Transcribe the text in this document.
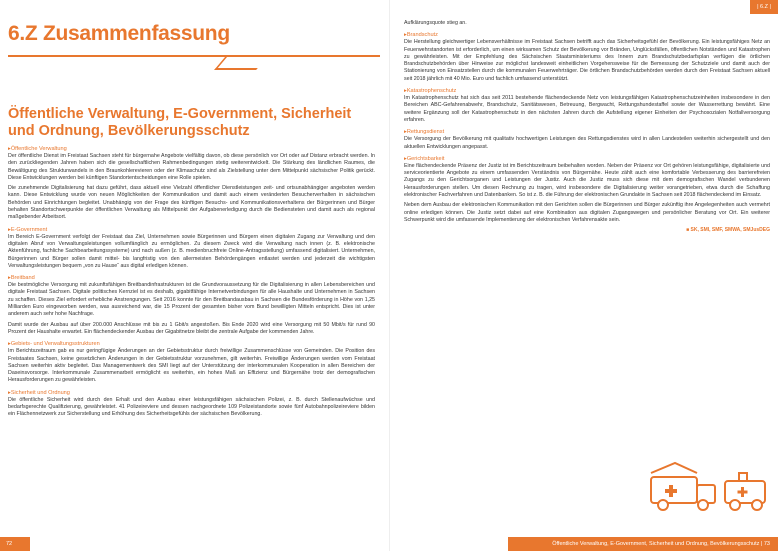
6.Z Zusammenfassung
Öffentliche Verwaltung, E-Government, Sicherheit und Ordnung, Bevölkerungsschutz
▸ Öffentliche Verwaltung

Der öffentliche Dienst im Freistaat Sachsen steht für bürgernahe Angebote vielfältig davon, ob diese persönlich vor Ort oder auf Distanz erbracht werden. In den zurückliegenden Jahren haben sich die gesellschaftlichen Rahmenbedingungen stetig weiterentwickelt. Die Stärkung des ländlichen Raumes, die Bewältigung des Strukturwandels in den Braunkohlerevieren oder der Klimaschutz sind als Zielstellung unter dem Mittelpunkt sächsischer Politik gerückt. Diese Entwicklungen werden bei künftigen Standortentscheidungen eine Rolle spielen.

Die zunehmende Digitalisierung hat dazu geführt, dass aktuell eine Vielzahl öffentlicher Dienstleistungen zeit- und ortsunabhängiger angeboten werden kann. Diese Entwicklung wurde von neuen Möglichkeiten der Kommunikation und damit auch einem veränderten Besucherverhalten in sächsischen Behörden und Einrichtungen begleitet. Unabhängig von der Frage des künftigen Besuchs- und Kommunikationsverhaltens der Bürgerinnen und Bürger behalten Standortschwerpunkte der öffentlichen Verwaltung als Mittelpunkt der Aufgabenerledigung durch die Bediensteten und damit auch als regional maßgebender Arbeitsort.

▸ E-Government

Im Bereich E-Government verfolgt der Freistaat das Ziel, Unternehmen sowie Bürgerinnen und Bürgern einen digitalen Zugang zur Verwaltung und den digitalen Abruf von Verwaltungsleistungen vollumfänglich zu ermöglichen. Zu diesem Zweck wird die Verwaltung nach innen (z. B. elektronische Aktenführung, fachliche Sachbearbeitungssysteme) und nach außen (z. B. medienbruchfreie Online-Antragsstellung) umfassend digitalisiert. Unternehmen, Bürgerinnen und Bürger sollen damit mittel- bis langfristig von den allermeisten Behördengängen entlastet werden und jederzeit die wichtigsten Verwaltungsleistungen bequem „von zu Hause“ aus digital erledigen können.

▸ Breitband

Die bestmögliche Versorgung mit zukunftsfähigen Breitbandinfrastrukturen ist die Grundvoraussetzung für die Digitalisierung in allen Lebensbereichen und digitale Freistaat Sachsen. Digitale politisches Kernziel ist es deshalb, gigabitfähige Internetverbindungen für alle Haushalte und Unternehmen in Sachsen zu schaffen. Dieses Ziel erfordert erhebliche Anstrengungen. Seit 2016 konnte für den Breitbandausbau in Sachsen die Bundesförderung in Höhe von 1,25 Milliarden Euro eingeworben werden, was ausreichend war, die 15 Prozent der gesamten bisher vom Bund bewilligten Mitteln entspricht. Dies ist unter anderem auch sehr hohe Nachfrage.

Damit wurde der Ausbau auf über 200.000 Anschlüsse mit bis zu 1 Gbit/s angestoßen. Bis Ende 2020 wird eine Versorgung mit 50 Mbit/s für rund 90 Prozent der Haushalte erwartet. Ein flächendeckender Ausbau der Gigabitnetze bleibt die zentrale Aufgabe der kommenden Jahre.

▸ Gebiets- und Verwaltungsstrukturen

Im Berichtszeitraum gab es nur geringfügige Änderungen an der Gebietsstruktur durch freiwillige Zusammenschlüsse von Gemeinden. Die Position des Freistaates Sachsen, keine gesetzlichen Änderungen in der Gebietsstruktur vorzunehmen, gilt weiterhin. Freiwillige Änderungen werden vom Freistaat Sachsen weiterhin aktiv begleitet. Das Managementwerk des SMI liegt auf der Unterstützung der interkommunalen Kooperation in allen Bereichen der Daseinsvorsorge. Interkommunale Zusammenarbeit ermöglicht es weiterhin, ein hohes Maß an Effizienz und Bürgernähe trotz der demografischen Herausforderungen zu gewährleisten.

▸ Sicherheit und Ordnung

Die öffentliche Sicherheit wird durch den Erhalt und den Ausbau einer leistungsfähigen sächsischen Polizei, z. B. durch Stellenaufwüchse und bedarfsgerechte Qualifizierung, gewährleistet. 41 Polizeireviere und dessen nachgeordnete 109 Polizeistandorte sowie fünf Autobahnpolizeireviere bilden ein Flächennetzwerk zur Sicherstellung und Erhöhung des Sicherheitsgefühls der sächsischen Bevölkerung.

72
| 6.Z |

Aufklärungsquote stieg an.

▸ Brandschutz

Die Herstellung gleichwertiger Lebensverhältnisse im Freistaat Sachsen betrifft auch das Sicherheitsgefühl der Bevölkerung. Ein leistungsfähiges Netz an Feuerwehrstandorten ist erforderlich, um einen wirksamen Schutz der Bevölkerung vor Bränden, Unglücksfällen, öffentlichen Notständen und Katastrophen zu gewährleisten. Mit der Empfehlung des Sächsischen Staatsministeriums des Innern zum Brandschutzbedarfsplan verfügen die örtlichen Brandschutzbehörden über Hinweise zur möglichst landesweit einheitlichen Vorgehensweise für die Bemessung der Schutzziele und damit auch der Stationierung von Einsatzstellen durch die kommunalen Feuerwehrträger. Die örtlichen Brandschutzbehörden werden durch den Freistaat Sachsen aktuell seit 2018 jährlich mit 40 Mio. Euro und fachlich umfassend unterstützt.

▸ Katastrophenschutz

Im Katastrophenschutz hat sich das seit 2011 bestehende flächendeckende Netz von leistungsfähigen Katastrophenschutzeinheiten insbesondere in den Bereichen ABC-Gefahrenabwehr, Brandschutz, Sanitätswesen, Betreuung, Bergwacht, Rettungshundestaffel sowie der Wasserrettung bewährt. Eine weitere Ergänzung soll der Katastrophenschutz in den nächsten Jahren durch die Aufstellung eigener Einheiten der Psychosozialen Notfallversorgung erfahren.

▸ Rettungsdienst

Die Versorgung der Bevölkerung mit qualitativ hochwertigen Leistungen des Rettungsdienstes wird in allen Landesteilen weiterhin sichergestellt und den aktuellen Entwicklungen angepasst.

▸ Gerichtsbarkeit

Eine flächendeckende Präsenz der Justiz ist im Berichtszeitraum beibehalten worden. Neben der Präsenz vor Ort gehören leistungsfähige, digitalisierte und serviceorientierte Angebote zu einem umfassenden Verständnis von Bürgernähe. Heute zählt auch eine komfortable Verbesserung des barrierefreien Zugangs zu den Gerichtsorganen und Leistungen der Justiz. Auch die Justiz muss sich diese mit dem demografischen Wandel verbundenen Herausforderungen stellen. Um diesen Rechnung zu tragen, wird insbesondere die Digitalisierung weiter vorangetrieben, etwa durch die Schaffung elektronischer Fachverfahren und Datenbanken. So ist z. B. die Führung der elektronischen Grundakte in Sachsen seit 2018 flächendeckend im Einsatz.

Neben dem Ausbau der elektronischen Kommunikation mit den Gerichten sollen die Bürgerinnen und Bürger zukünftig ihre Angelegenheiten auch vermehrt online erledigen können. Die Justiz setzt dabei auf eine Kombination aus digitalen Zugangswegen und persönlicher Beratung vor Ort. Ein weiterer Schwerpunkt wird die umfassende Implementierung der elektronischen Verfahrensakte sein.

■ SK, SMI, SMF, SMWA, SMJusDEG
Öffentliche Verwaltung, E-Government, Sicherheit und Ordnung, Bevölkerungsschutz | 73
